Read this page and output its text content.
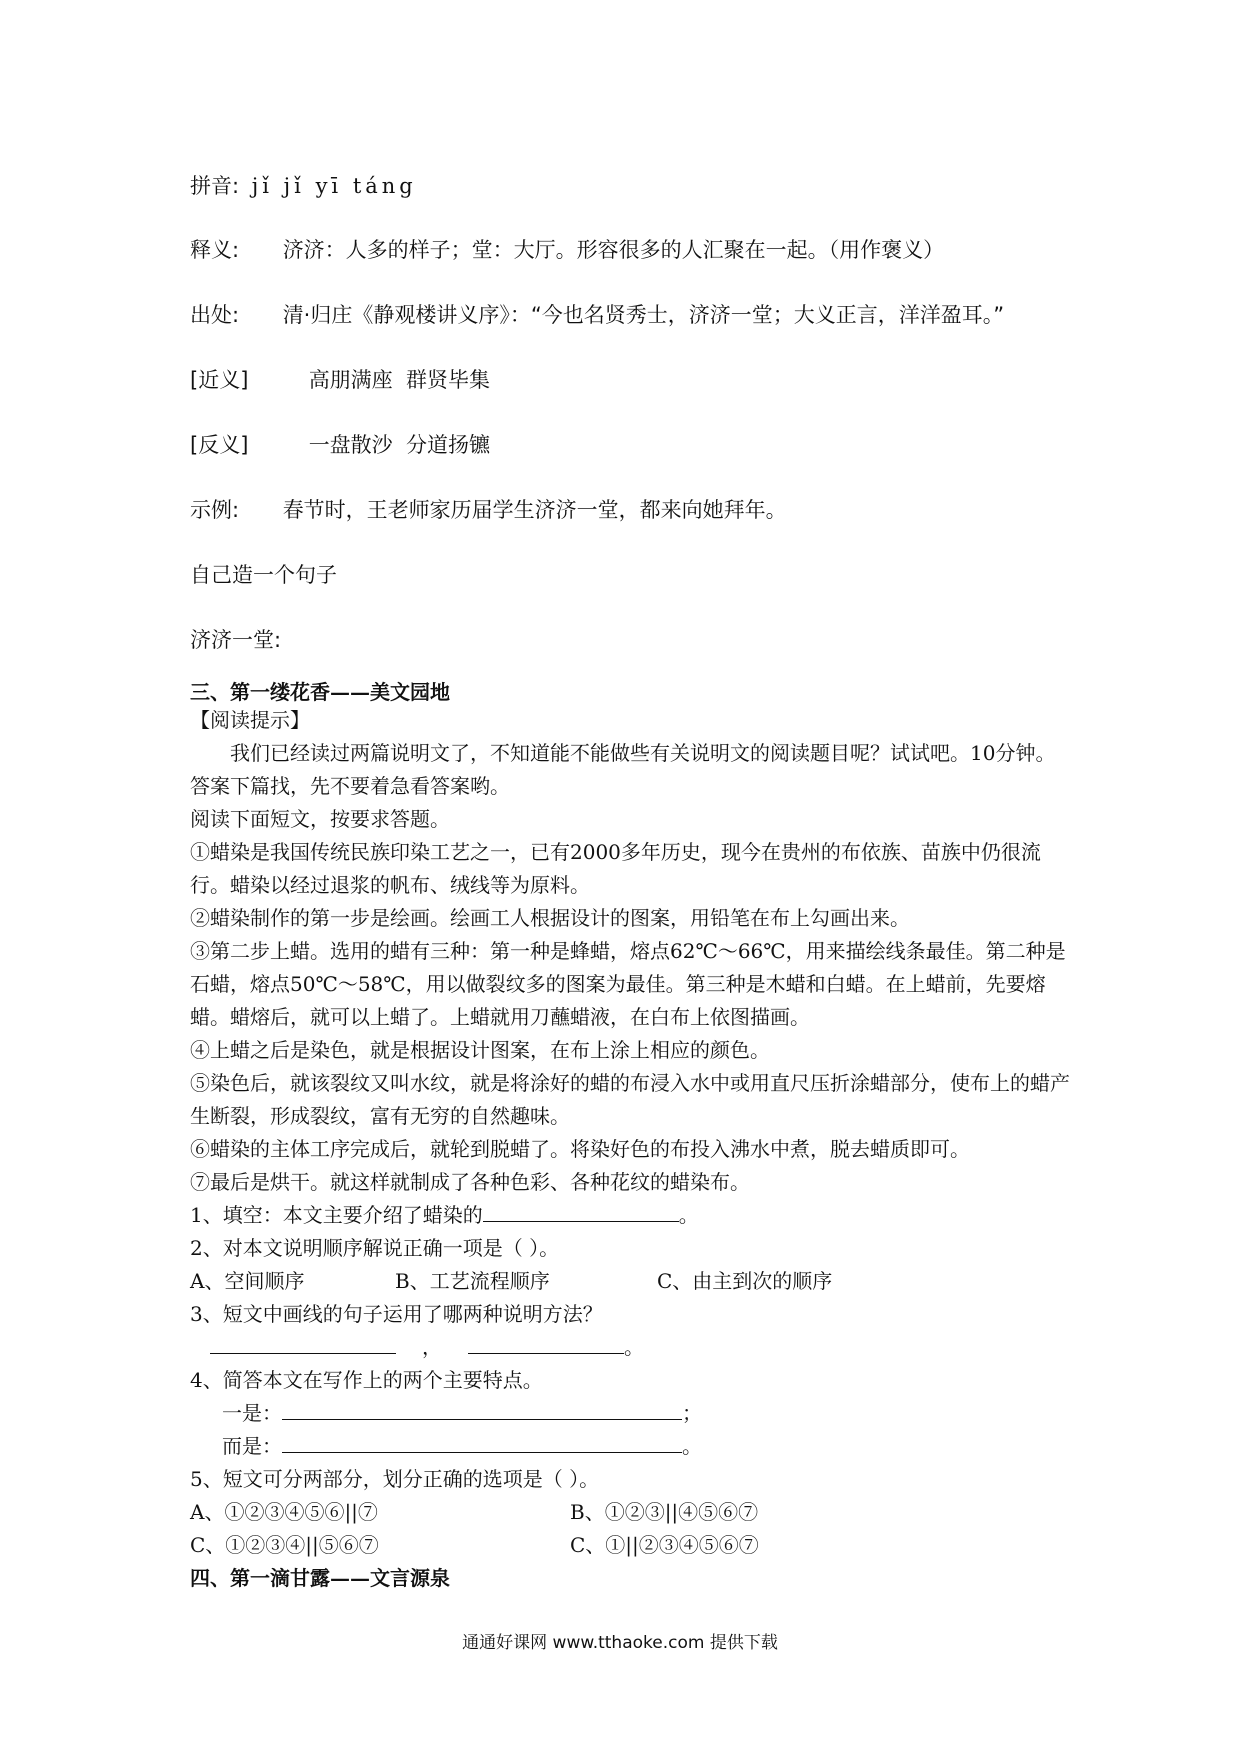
拼音: jǐ jǐ yī táng
释义: 济济：人多的样子；堂：大厅。形容很多的人汇聚在一起。（用作褒义）
出处: 清·归庄《静观楼讲义序》：“今也名贤秀士，济济一堂；大义正言，洋洋盈耳。”
[近义]	高朋满座  群贤毕集
[反义]	一盘散沙  分道扬镳
示例: 春节时，王老师家历届学生济济一堂，都来向她拜年。
自己造一个句子
济济一堂:
三、第一缕花香——美文园地

【阅读提示】

我们已经读过两篇说明文了，不知道能不能做些有关说明文的阅读题目呢？试试吧。10分钟。答案下篇找，先不要着急看答案哟。

阅读下面短文，按要求答题。

①蜡染是我国传统民族印染工艺之一，已有2000多年历史，现今在贵州的布依族、苗族中仍很流行。蜡染以经过退浆的帆布、绒线等为原料。

②蜡染制作的第一步是绘画。绘画工人根据设计的图案，用铅笔在布上勾画出来。

③第二步上蜡。选用的蜡有三种：第一种是蜂蜡，熔点62℃～66℃，用来描绘线条最佳。第二种是石蜡，熔点50℃～58℃，用以做裂纹多的图案为最佳。第三种是木蜡和白蜡。在上蜡前，先要熔蜡。蜡熔后，就可以上蜡了。上蜡就用刀蘸蜡液，在白布上依图描画。

④上蜡之后是染色，就是根据设计图案，在布上涂上相应的颜色。

⑤染色后，就该裂纹又叫水纹，就是将涂好的蜡的布浸入水中或用直尺压折涂蜡部分，使布上的蜡产生断裂，形成裂纹，富有无穷的自然趣味。

⑥蜡染的主体工序完成后，就轮到脱蜡了。将染好色的布投入沸水中煮，脱去蜡质即可。

⑦最后是烘干。就这样就制成了各种色彩、各种花纹的蜡染布。

1、填空：本文主要介绍了蜡染的	。

2、对本文说明顺序解说正确一项是（ ）。

A、空间顺序	B、工艺流程顺序	C、由主到次的顺序

3、短文中画线的句子运用了哪两种说明方法？

，	。

4、简答本文在写作上的两个主要特点。

一是：	；

而是：	。

5、短文可分两部分，划分正确的选项是（ ）。

A、①②③④⑤⑥||⑦	B、①②③||④⑤⑥⑦
C、①②③④||⑤⑥⑦	C、①||②③④⑤⑥⑦

四、第一滴甘露——文言源泉

通通好课网 www.tthaoke.com 提供下载
